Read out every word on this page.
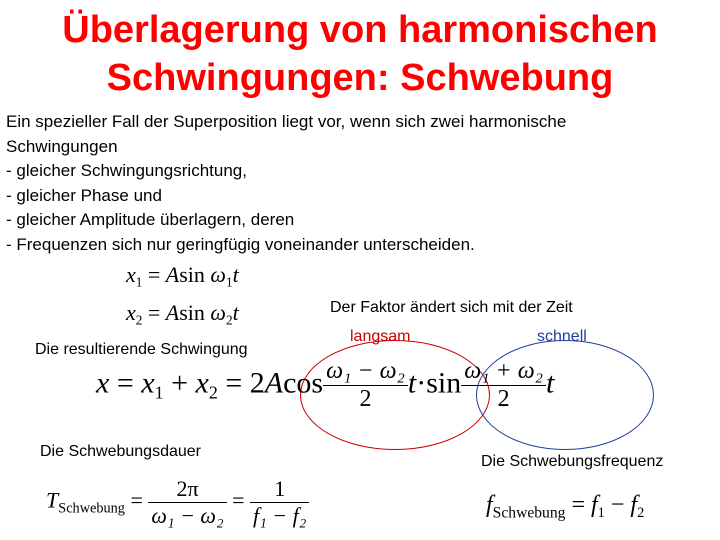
Überlagerung von harmonischen
Schwingungen: Schwebung
Ein spezieller Fall der Superposition liegt vor, wenn sich zwei harmonische
Schwingungen
- gleicher Schwingungsrichtung,
- gleicher Phase und
- gleicher Amplitude überlagern, deren
- Frequenzen sich nur geringfügig voneinander unterscheiden.
$x_1 = Asin$ $\omega_1t$
$x_2 = Asin$ $\omega_2t$	Der Faktor ändert sich mit der Zeit
langsam	schnell
Die resultierende Schwingung
Die Schwebungsdauer
Die Schwebungsfrequenz
$x = x_1 + x_2 = 2Acos \frac{\text{ω₁ − ω₂}}{2} t\cdot\sin \frac{\text{ω₁ + ω₂}}{2}$ t
$T_{Schwebung} = \frac{2\pi}{\text{ω₁ − ω₂}} = \frac{1}{\text{f₁ − f₂}}$	$f_{Schwebung} = f_1 - f_2$
